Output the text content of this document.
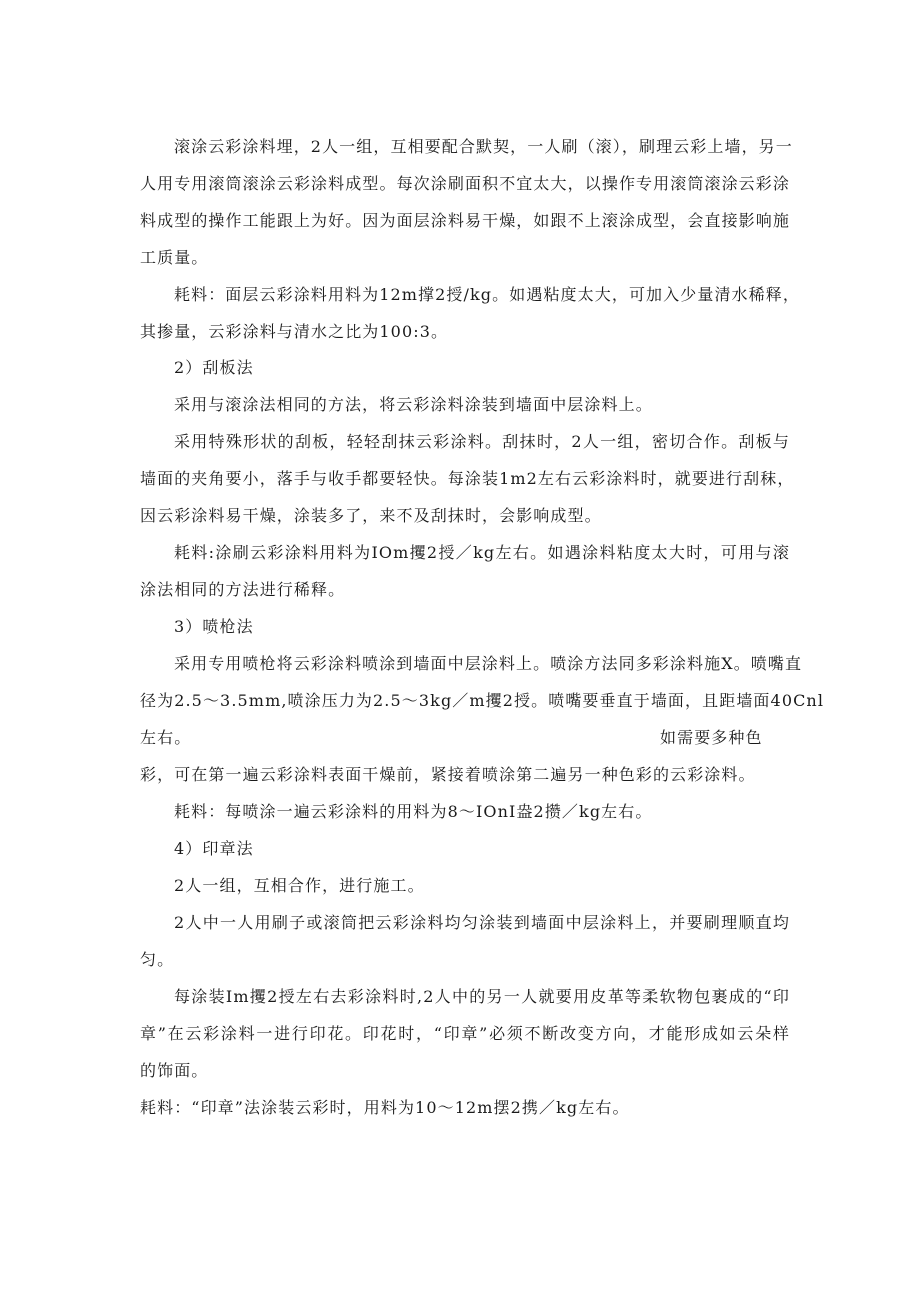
滚涂云彩涂料埋，2人一组，互相要配合默契，一人刷（滚），刷理云彩上墙，另一
人用专用滚筒滚涂云彩涂料成型。每次涂刷面积不宜太大，以操作专用滚筒滚涂云彩涂
料成型的操作工能跟上为好。因为面层涂料易干燥，如跟不上滚涂成型，会直接影响施
工质量。
耗料：面层云彩涂料用料为12m撑2授/kg。如遇粘度太大，可加入少量清水稀释，
其掺量，云彩涂料与清水之比为100:3。
2）刮板法
采用与滚涂法相同的方法，将云彩涂料涂装到墙面中层涂料上。
采用特殊形状的刮板，轻轻刮抹云彩涂料。刮抹时，2人一组，密切合作。刮板与
墙面的夹角要小，落手与收手都要轻快。每涂装1m2左右云彩涂料时，就要进行刮秣，
因云彩涂料易干燥，涂装多了，来不及刮抹时，会影响成型。
耗料:涂刷云彩涂料用料为IOm攫2授／kg左右。如遇涂料粘度太大时，可用与滚
涂法相同的方法进行稀释。
3）喷枪法
采用专用喷枪将云彩涂料喷涂到墙面中层涂料上。喷涂方法同多彩涂料施X。喷嘴直
径为2.5～3.5mm,喷涂压力为2.5～3kg／m攫2授。喷嘴要垂直于墙面，且距墙面40Cnl
左右。	如需要多种色
彩，可在第一遍云彩涂料表面干燥前，紧接着喷涂第二遍另一种色彩的云彩涂料。
耗料：每喷涂一遍云彩涂料的用料为8～IOnI盎2攒／kg左右。
4）印章法
2人一组，互相合作，进行施工。
2人中一人用刷子或滚筒把云彩涂料均匀涂装到墙面中层涂料上，并要刷理顺直均
匀。
每涂装Im攫2授左右去彩涂料时,2人中的另一人就要用皮革等柔软物包裹成的“印
章”在云彩涂料一进行印花。印花时，“印章”必须不断改变方向，才能形成如云朵样
的饰面。
耗料：“印章”法涂装云彩时，用料为10～12m摆2携／kg左右。
